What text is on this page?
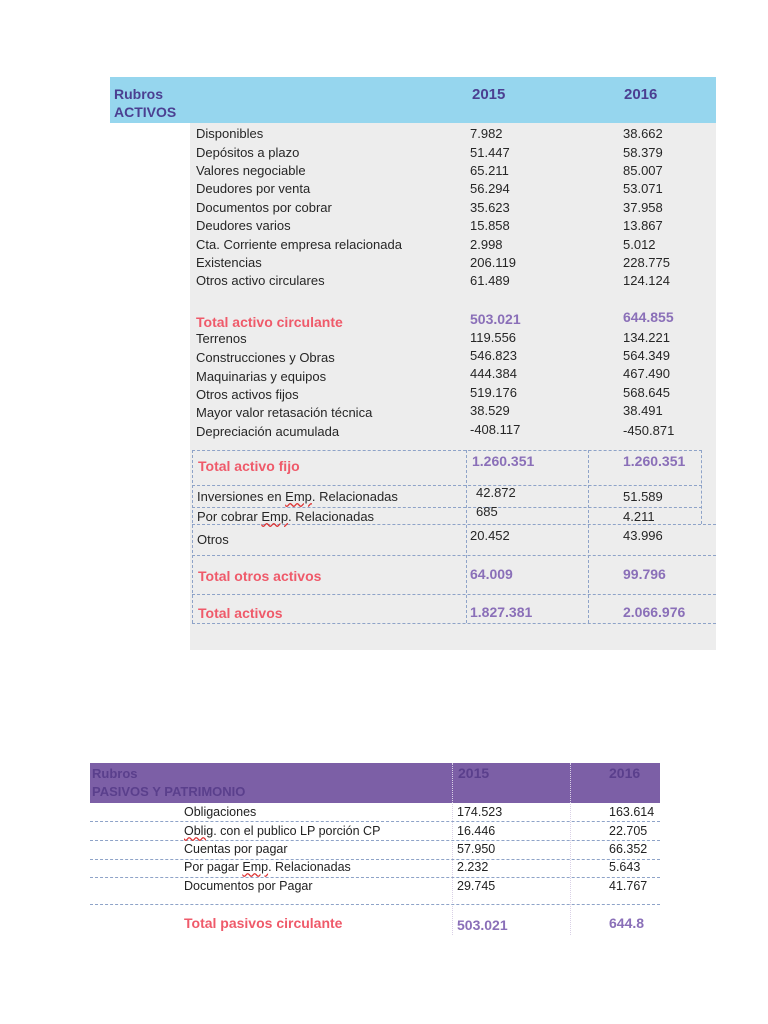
Rubros
ACTIVOS
2015	2016
Disponibles	7.982	38.662
Depósitos a plazo	51.447	58.379
Valores negociable	65.211	85.007
Deudores por venta	56.294	53.071
Documentos por cobrar	35.623	37.958
Deudores varios	15.858	13.867
Cta. Corriente empresa relacionada	2.998	5.012
Existencias	206.119	228.775
Otros activo circulares	61.489	124.124
Total activo circulante	503.021	644.855
Terrenos	119.556	134.221
Construcciones y Obras	546.823	564.349
Maquinarias y equipos	444.384	467.490
Otros activos fijos	519.176	568.645
Mayor valor retasación técnica	38.529	38.491
Depreciación acumulada	-408.117	-450.871
Total activo fijo	1.260.351	1.260.351
Inversiones en Emp. Relacionadas	42.872	51.589
Por cobrar Emp. Relacionadas	685	4.211
Otros	20.452	43.996
Total otros activos	64.009	99.796
Total activos	1.827.381	2.066.976
Rubros
PASIVOS Y PATRIMONIO
2015	2016
Obligaciones	174.523	163.614
Oblig. con el publico LP porción CP	16.446	22.705
Cuentas por pagar	57.950	66.352
Por pagar Emp. Relacionadas	2.232	5.643
Documentos por Pagar	29.745	41.767
Total pasivos circulante	503.021	644.8
